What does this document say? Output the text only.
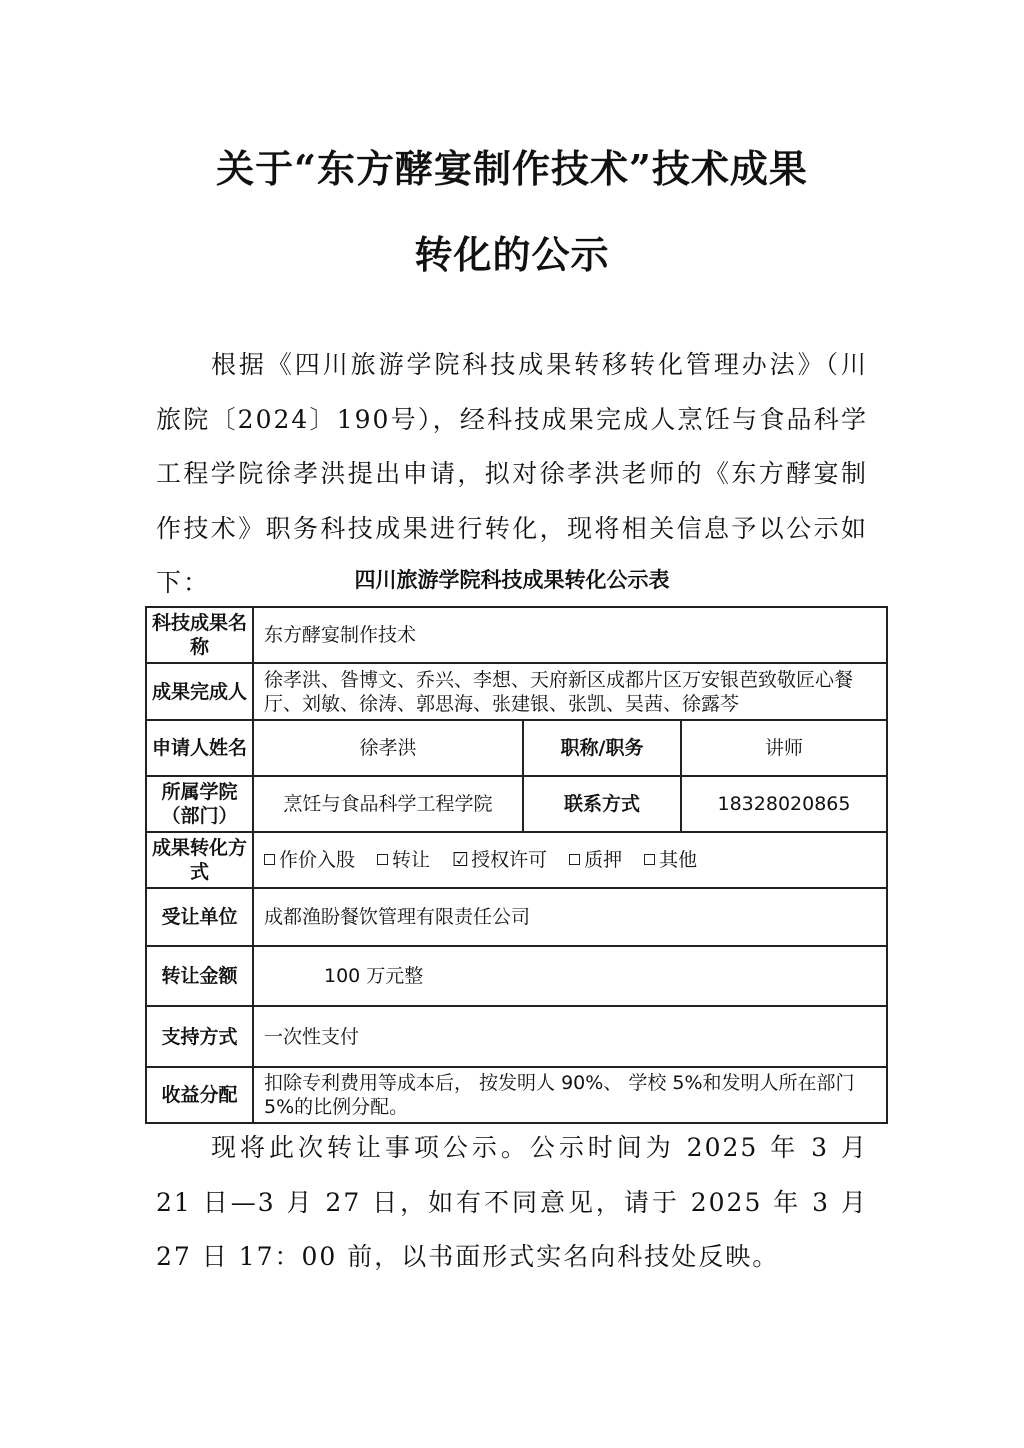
关于“东方酵宴制作技术”技术成果
转化的公示
根据《四川旅游学院科技成果转移转化管理办法》（川旅院〔2024〕190号），经科技成果完成人烹饪与食品科学工程学院徐孝洪提出申请，拟对徐孝洪老师的《东方酵宴制作技术》职务科技成果进行转化，现将相关信息予以公示如下：	四川旅游学院科技成果转化公示表
科技成果名称	东方酵宴制作技术		
成果完成人	徐孝洪、昝博文、乔兴、李想、天府新区成都片区万安银芭致敬匠心餐厅、刘敏、徐涛、郭思海、张建银、张凯、吴茜、徐露芩		
申请人姓名	徐孝洪	职称/职务	讲师
所属学院（部门）	烹饪与食品科学工程学院	联系方式	18328020865
成果转化方式	作价入股 转让 ☑ 授权许可 质押 其他		
受让单位	成都渔盼餐饮管理有限责任公司		
转让金额	100 万元整		
支持方式	一次性支付		
收益分配	扣除专利费用等成本后， 按发明人 90%、 学校 5%和发明人所在部门 5%的比例分配。		
现将此次转让事项公示。公示时间为 2025 年 3 月 21 日—3 月 27 日，如有不同意见，请于 2025 年 3 月 27 日 17：00 前，以书面形式实名向科技处反映。
